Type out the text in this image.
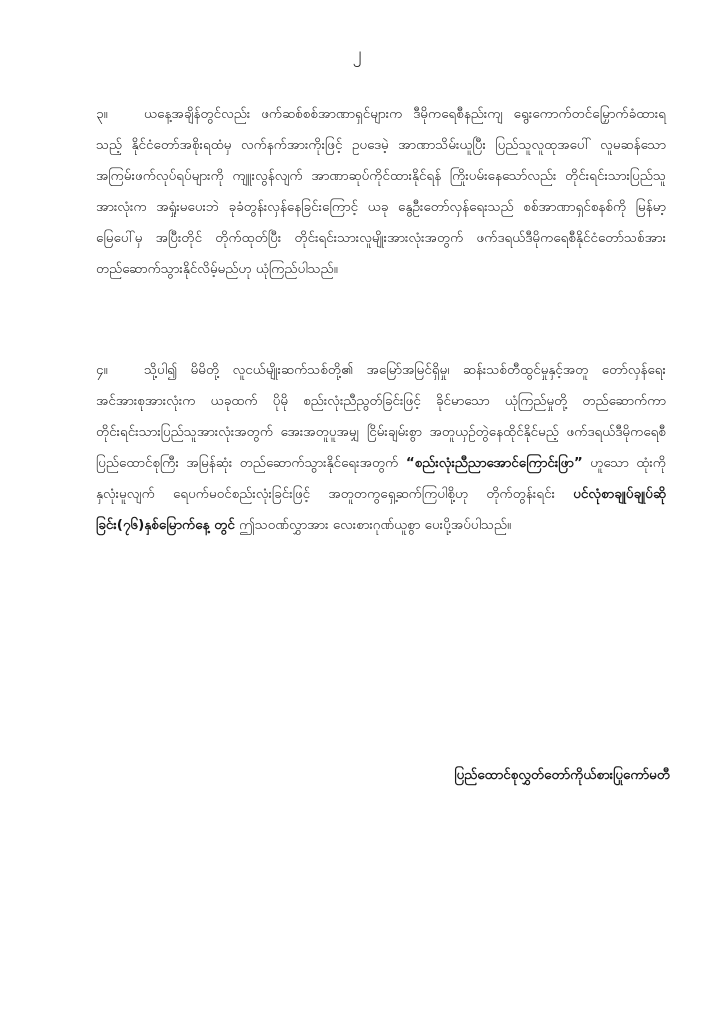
၂

၃။	ယနေ့အချိန်တွင်လည်း ဖက်ဆစ်စစ်အာဏာရှင်များက ဒီမိုကရေစီနည်းကျ ရွေးကောက်တင်မြှောက်ခံထားရသည့် နိုင်ငံတော်အစိုးရထံမှ လက်နက်အားကိုးဖြင့် ဥပဒေမဲ့ အာဏာသိမ်းယူပြီး ပြည်သူလူထုအပေါ် လူမဆန်သော အကြမ်းဖက်လုပ်ရပ်များကို ကျူးလွန်လျက် အာဏာဆုပ်ကိုင်ထားနိုင်ရန် ကြိုးပမ်းနေသော်လည်း တိုင်းရင်းသားပြည်သူအားလုံးက အရှုံးမပေးဘဲ ခုခံတွန်းလှန်နေခြင်းကြောင့် ယခု နွေဦးတော်လှန်ရေးသည် စစ်အာဏာရှင်စနစ်ကို မြန်မာ့မြေပေါ်မှ အပြီးတိုင် တိုက်ထုတ်ပြီး တိုင်းရင်းသားလူမျိုးအားလုံးအတွက် ဖက်ဒရယ်ဒီမိုကရေစီနိုင်ငံတော်သစ်အား တည်ဆောက်သွားနိုင်လိမ့်မည်ဟု ယုံကြည်ပါသည်။

၄။	သို့ပါ၍ မိမိတို့ လူငယ်မျိုးဆက်သစ်တို့၏ အမြော်အမြင်ရှိမှု၊ ဆန်းသစ်တီထွင်မှုနှင့်အတူ တော်လှန်ရေးအင်အားစုအားလုံးက ယခုထက် ပိုမို စည်းလုံးညီညွတ်ခြင်းဖြင့် ခိုင်မာသော ယုံကြည်မှုတို့ တည်ဆောက်ကာ တိုင်းရင်းသားပြည်သူအားလုံးအတွက် အေးအတူပူအမျှ ငြိမ်းချမ်းစွာ အတူယှဉ်တွဲနေထိုင်နိုင်မည့် ဖက်ဒရယ်ဒီမိုကရေစီပြည်ထောင်စုကြီး အမြန်ဆုံး တည်ဆောက်သွားနိုင်ရေးအတွက် “စည်းလုံးညီညာအောင်ကြောင်းဖြာ” ဟူသော ထုံးကိုနှလုံးမူလျက် ရေပက်မဝင်စည်းလုံးခြင်းဖြင့် အတူတကွရှေ့ဆက်ကြပါစို့ဟု တိုက်တွန်းရင်း ပင်လုံစာချုပ်ချုပ်ဆိုခြင်း(၇၆)နှစ်မြောက်နေ့ တွင် ဤသဝဏ်လွှာအား လေးစားဂုဏ်ယူစွာ ပေးပို့အပ်ပါသည်။

ပြည်ထောင်စုလွှတ်တော်ကိုယ်စားပြုကော်မတီ
